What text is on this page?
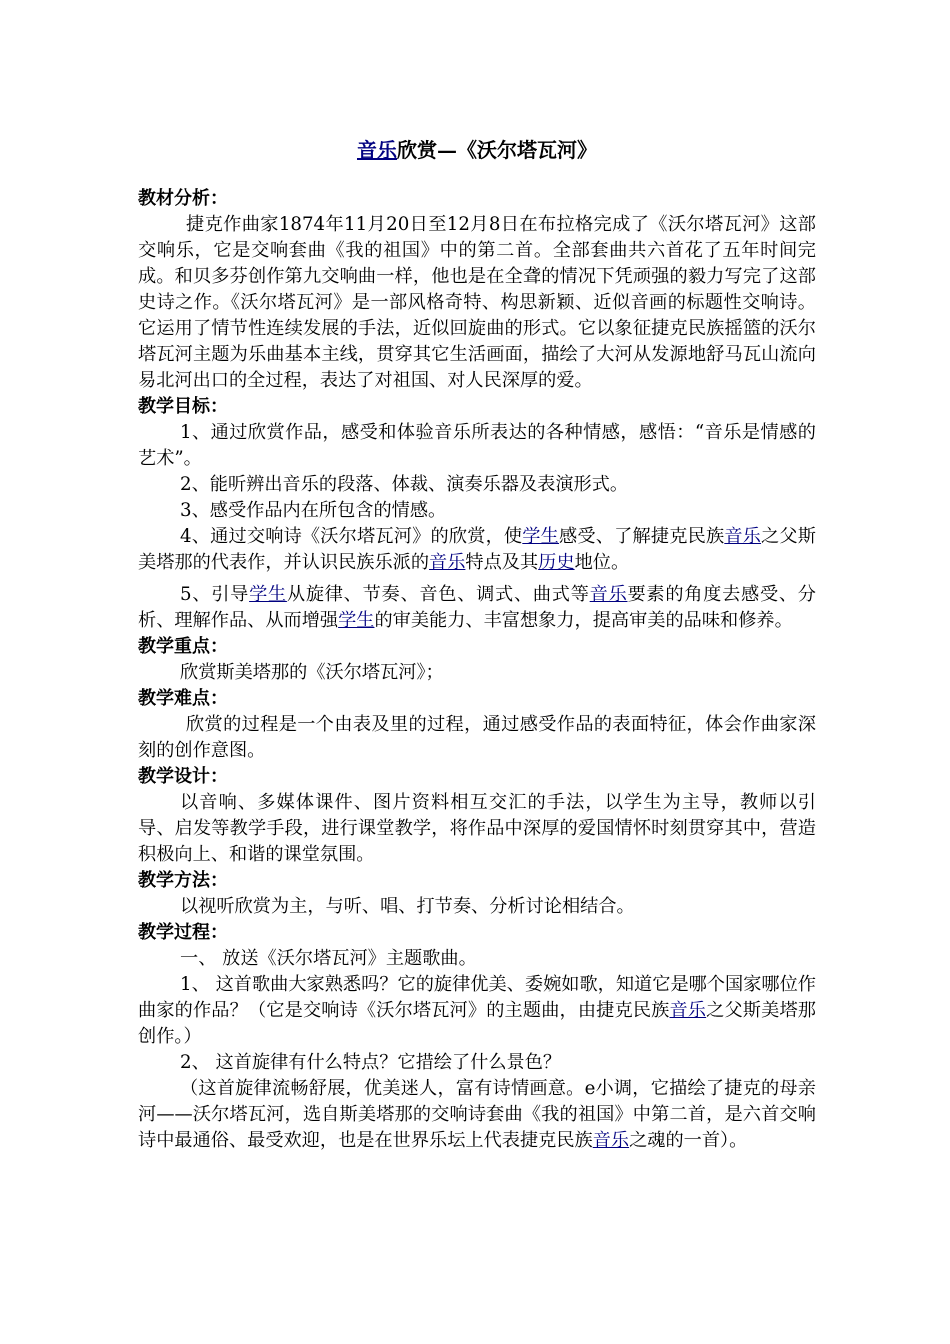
音乐欣赏—《沃尔塔瓦河》

教材分析：

捷克作曲家1874年11月20日至12月8日在布拉格完成了《沃尔塔瓦河》这部交响乐，它是交响套曲《我的祖国》中的第二首。全部套曲共六首花了五年时间完成。和贝多芬创作第九交响曲一样，他也是在全聋的情况下凭顽强的毅力写完了这部史诗之作。《沃尔塔瓦河》是一部风格奇特、构思新颖、近似音画的标题性交响诗。它运用了情节性连续发展的手法，近似回旋曲的形式。它以象征捷克民族摇篮的沃尔塔瓦河主题为乐曲基本主线，贯穿其它生活画面，描绘了大河从发源地舒马瓦山流向易北河出口的全过程，表达了对祖国、对人民深厚的爱。

教学目标：

1、通过欣赏作品，感受和体验音乐所表达的各种情感，感悟：“音乐是情感的艺术”。

2、能听辨出音乐的段落、体裁、演奏乐器及表演形式。

3、感受作品内在所包含的情感。

4、通过交响诗《沃尔塔瓦河》的欣赏，使学生感受、了解捷克民族音乐之父斯美塔那的代表作，并认识民族乐派的音乐特点及其历史地位。

5、引导学生从旋律、节奏、音色、调式、曲式等音乐要素的角度去感受、分析、理解作品、从而增强学生的审美能力、丰富想象力，提高审美的品味和修养。

教学重点：

欣赏斯美塔那的《沃尔塔瓦河》；

教学难点：

欣赏的过程是一个由表及里的过程，通过感受作品的表面特征，体会作曲家深刻的创作意图。

教学设计：

以音响、多媒体课件、图片资料相互交汇的手法，以学生为主导，教师以引导、启发等教学手段，进行课堂教学，将作品中深厚的爱国情怀时刻贯穿其中，营造积极向上、和谐的课堂氛围。

教学方法：

以视听欣赏为主，与听、唱、打节奏、分析讨论相结合。

教学过程：

一、 放送《沃尔塔瓦河》主题歌曲。

1、 这首歌曲大家熟悉吗？它的旋律优美、委婉如歌，知道它是哪个国家哪位作曲家的作品？（它是交响诗《沃尔塔瓦河》的主题曲，由捷克民族音乐之父斯美塔那创作。）

2、 这首旋律有什么特点？它措绘了什么景色？

（这首旋律流畅舒展，优美迷人，富有诗情画意。e小调，它描绘了捷克的母亲河——沃尔塔瓦河，选自斯美塔那的交响诗套曲《我的祖国》中第二首，是六首交响诗中最通俗、最受欢迎，也是在世界乐坛上代表捷克民族音乐之魂的一首）。
